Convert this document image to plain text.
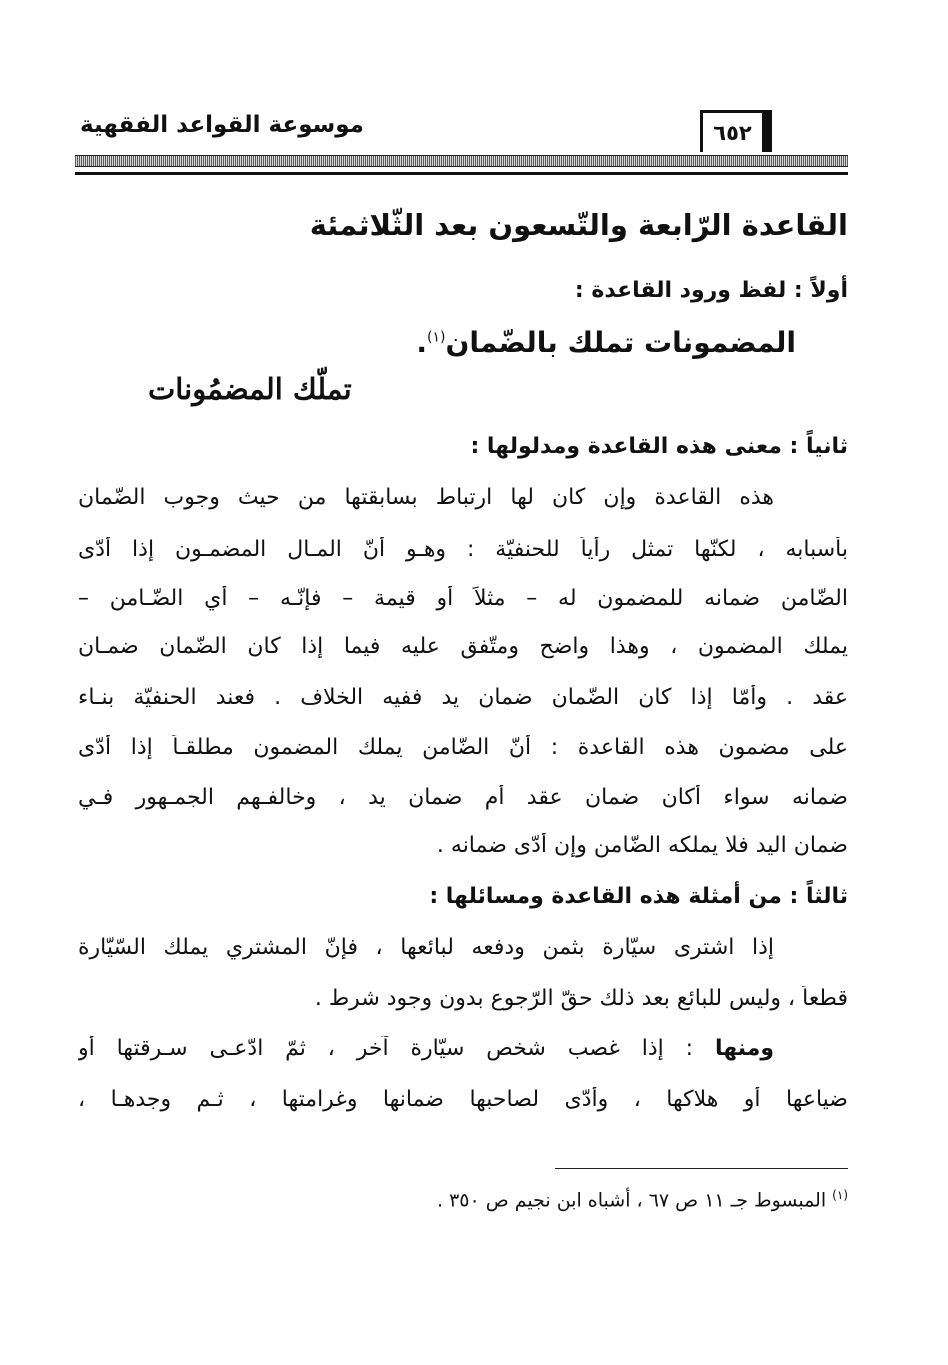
٦٥٢
موسوعة القواعد الفقهية
القاعدة الرّابعة والتّسعون بعد الثّلاثمئة
أولاً : لفظ ورود القاعدة :
المضمونات تملك بالضّمان$^{(١)}$.
تملّك المضمُونات
ثانياً : معنى هذه القاعدة ومدلولها :
هذه القاعدة وإن كان لها ارتباط بسابقتها من حيث وجوب الضّمان
بأسبابه ، لكنّها تمثل رأياً للحنفيّة : وهـو أنّ المـال المضمـون إذا أدّى
الضّامن ضمانه للمضمون له – مثلاً أو قيمة – فإنّـه – أي الضّـامن –
يملك المضمون ، وهذا واضح ومتّفق عليه فيما إذا كان الضّمان ضمـان
عقد . وأمّا إذا كان الضّمان ضمان يد ففيه الخلاف . فعند الحنفيّة بنـاء
على مضمون هذه القاعدة : أنّ الضّامن يملك المضمون مطلقـاً إذا أدّى
ضمانه سواء أكان ضمان عقد أم ضمان يد ، وخالفـهم الجمـهور فـي
ضمان اليد فلا يملكه الضّامن وإن أدّى ضمانه .
ثالثاً : من أمثلة هذه القاعدة ومسائلها :
إذا اشترى سيّارة بثمن ودفعه لبائعها ، فإنّ المشتري يملك السّيّارة
قطعاً ، وليس للبائع بعد ذلك حقّ الرّجوع بدون وجود شرط .
ومنها : إذا غصب شخص سيّارة آخر ، ثمّ ادّعـى سـرقتها أو
ضياعها أو هلاكها ، وأدّى لصاحبها ضمانها وغرامتها ، ثـم وجدهـا ،
$^{(١)}$ المبسوط جـ ١١ ص ٦٧ ، أشباه ابن نجيم ص ٣٥٠ .
